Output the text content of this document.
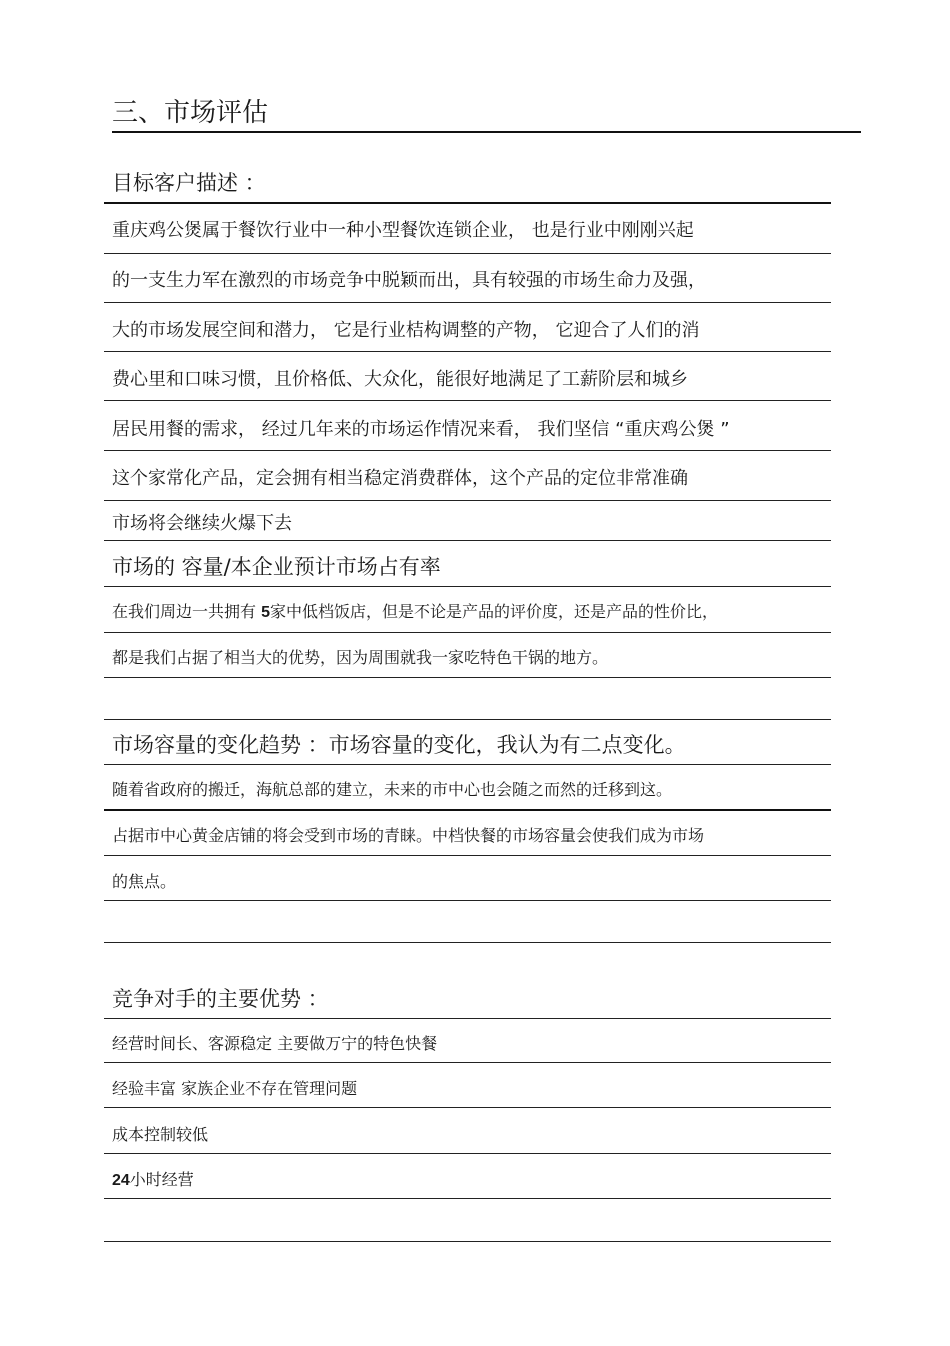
三、市场评估
目标客户描述 ：
重庆鸡公煲属于餐饮行业中一种小型餐饮连锁企业， 也是行业中刚刚兴起
的一支生力军在激烈的市场竞争中脱颖而出，具有较强的市场生命力及强，
大的市场发展空间和潜力， 它是行业桔构调整的产物， 它迎合了人们的消
费心里和口味习惯，且价格低、大众化，能很好地满足了工薪阶层和城乡
居民用餐的需求， 经过几年来的市场运作情况来看， 我们坚信 “重庆鸡公煲 ”
这个家常化产品，定会拥有相当稳定消费群体，这个产品的定位非常准确
市场将会继续火爆下去
市场的 容量/本企业预计市场占有率
在我们周边一共拥有 5家中低档饭店，但是不论是产品的评价度，还是产品的性价比，
都是我们占据了相当大的优势，因为周围就我一家吃特色干锅的地方。
市场容量的变化趋势 ：市场容量的变化，我认为有二点变化。
随着省政府的搬迁，海航总部的建立，未来的市中心也会随之而然的迁移到这。
占据市中心黄金店铺的将会受到市场的青睐。中档快餐的市场容量会使我们成为市场
的焦点。
竞争对手的主要优势 ：
经营时间长、客源稳定 主要做万宁的特色快餐
经验丰富 家族企业不存在管理问题
成本控制较低
24小时经营
